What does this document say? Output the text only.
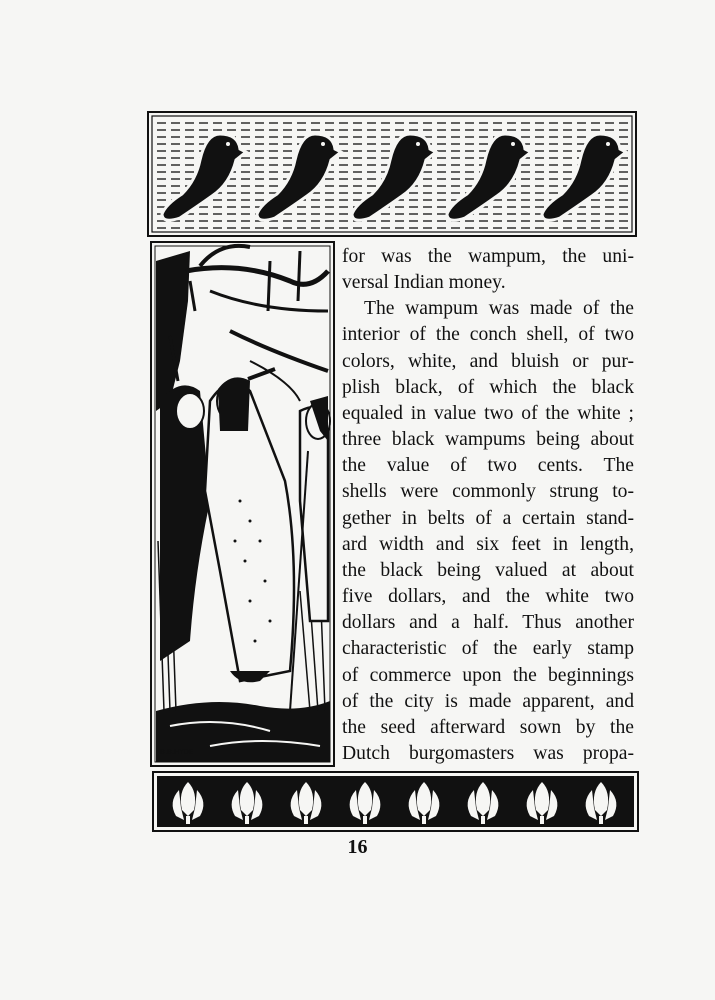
B.B.HYDE
for was the wampum, the uni-
versal Indian money.
The wampum was made of the
interior of the conch shell, of two
colors, white, and bluish or pur-
plish black, of which the black
equaled in value two of the white ;
three black wampums being about
the value of two cents. The
shells were commonly strung to-
gether in belts of a certain stand-
ard width and six feet in length,
the black being valued at about
five dollars, and the white two
dollars and a half. Thus another
characteristic of the early stamp
of commerce upon the beginnings
of the city is made apparent, and
the seed afterward sown by the
Dutch burgomasters was propa-
16
